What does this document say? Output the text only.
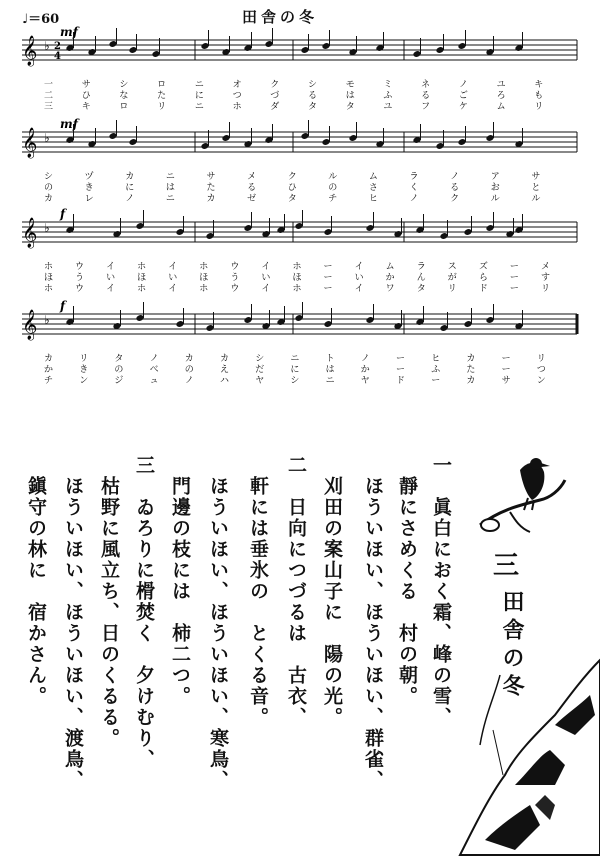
♩＝60	田舎の冬
𝄞 ♭ 2
4
mf
一	サ	シ	ロ	ニ	オ	ク	シ	モ	ミ	ネ	ノ	ユ	キ
二	ひ	な	た	に	つ	づ	る	は	ふ	る	ご	ろ	も
三	キ	ロ	リ	ニ	ホ	ダ	タ	タ	ユ	フ	ケ	ム	リ
𝄞 ♭
mf
シ	ヅ	カ	ニ	サ	メ	ク	ル	ム	ラ	ノ	ア	サ
の	き	に	は	た	る	ひ	の	さ	く	る	お	と
カ	レ	ノ	ニ	カ	ゼ	タ	チ	ヒ	ノ	ク	ル	ル
𝄞 ♭
f
ホ ウ イ ホ イ ホ ウ イ ホ ー イ ム ラ ス ズ ー メ
ほ う い ほ い ほ う い ほ ー い か ん が ら ー す
ホ ウ イ ホ イ ホ ウ イ ホ ー イ ワ タ リ ド ー リ
𝄞 ♭
f
カ	リ	タ	ノ	カ	カ	シ	ニ	ト	ノ	ー	ヒ	カ	ー	リ
か	き	の	べ	の	え	だ	に	は	か	ー	ふ	た	ー	つ
チ	ン	ジ	ュ	ノ	ハ	ヤ	シ	ニ	ヤ	ド	ー	カ	サ	ン
三
田舎の冬
一　眞白におく霜、峰の雪、
　靜にさめくる　村の朝。
　ほういほい、ほういほい、群雀、
　刈田の案山子に　陽の光。
二　日向につづるは　古衣、
　軒には垂氷の　とくる音。
　ほういほい、ほういほい、寒鳥、
　門邊の枝には　柿二つ。
三　ゐろりに榾焚く　夕けむり、
　枯野に風立ち、日のくるる。
　ほういほい、ほういほい、渡鳥、
　鎭守の林に　宿かさん。
